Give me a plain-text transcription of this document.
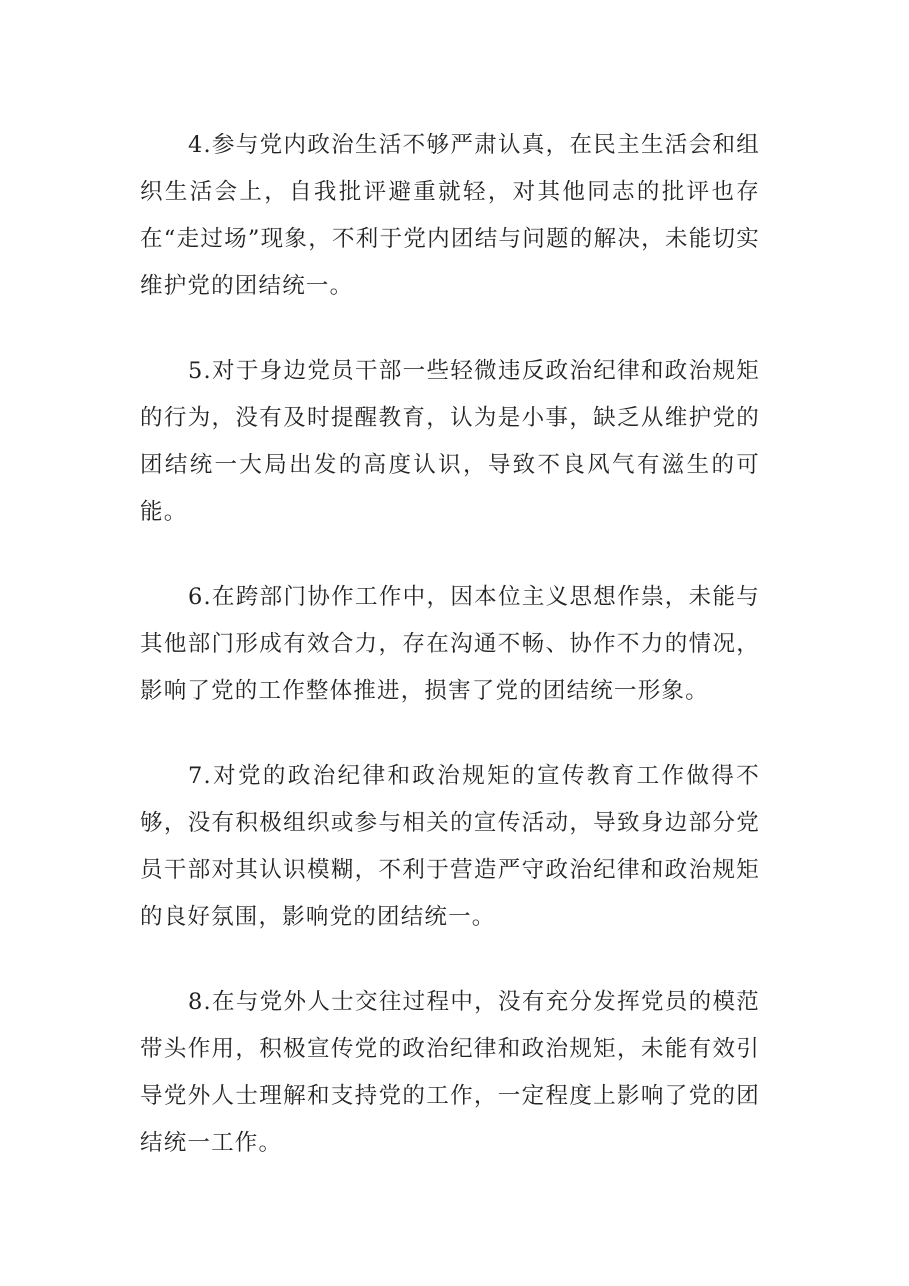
4.参与党内政治生活不够严肃认真，在民主生活会和组织生活会上，自我批评避重就轻，对其他同志的批评也存在“走过场”现象，不利于党内团结与问题的解决，未能切实维护党的团结统一。

5.对于身边党员干部一些轻微违反政治纪律和政治规矩的行为，没有及时提醒教育，认为是小事，缺乏从维护党的团结统一大局出发的高度认识，导致不良风气有滋生的可能。

6.在跨部门协作工作中，因本位主义思想作祟，未能与其他部门形成有效合力，存在沟通不畅、协作不力的情况，影响了党的工作整体推进，损害了党的团结统一形象。

7.对党的政治纪律和政治规矩的宣传教育工作做得不够，没有积极组织或参与相关的宣传活动，导致身边部分党员干部对其认识模糊，不利于营造严守政治纪律和政治规矩的良好氛围，影响党的团结统一。

8.在与党外人士交往过程中，没有充分发挥党员的模范带头作用，积极宣传党的政治纪律和政治规矩，未能有效引导党外人士理解和支持党的工作，一定程度上影响了党的团结统一工作。
